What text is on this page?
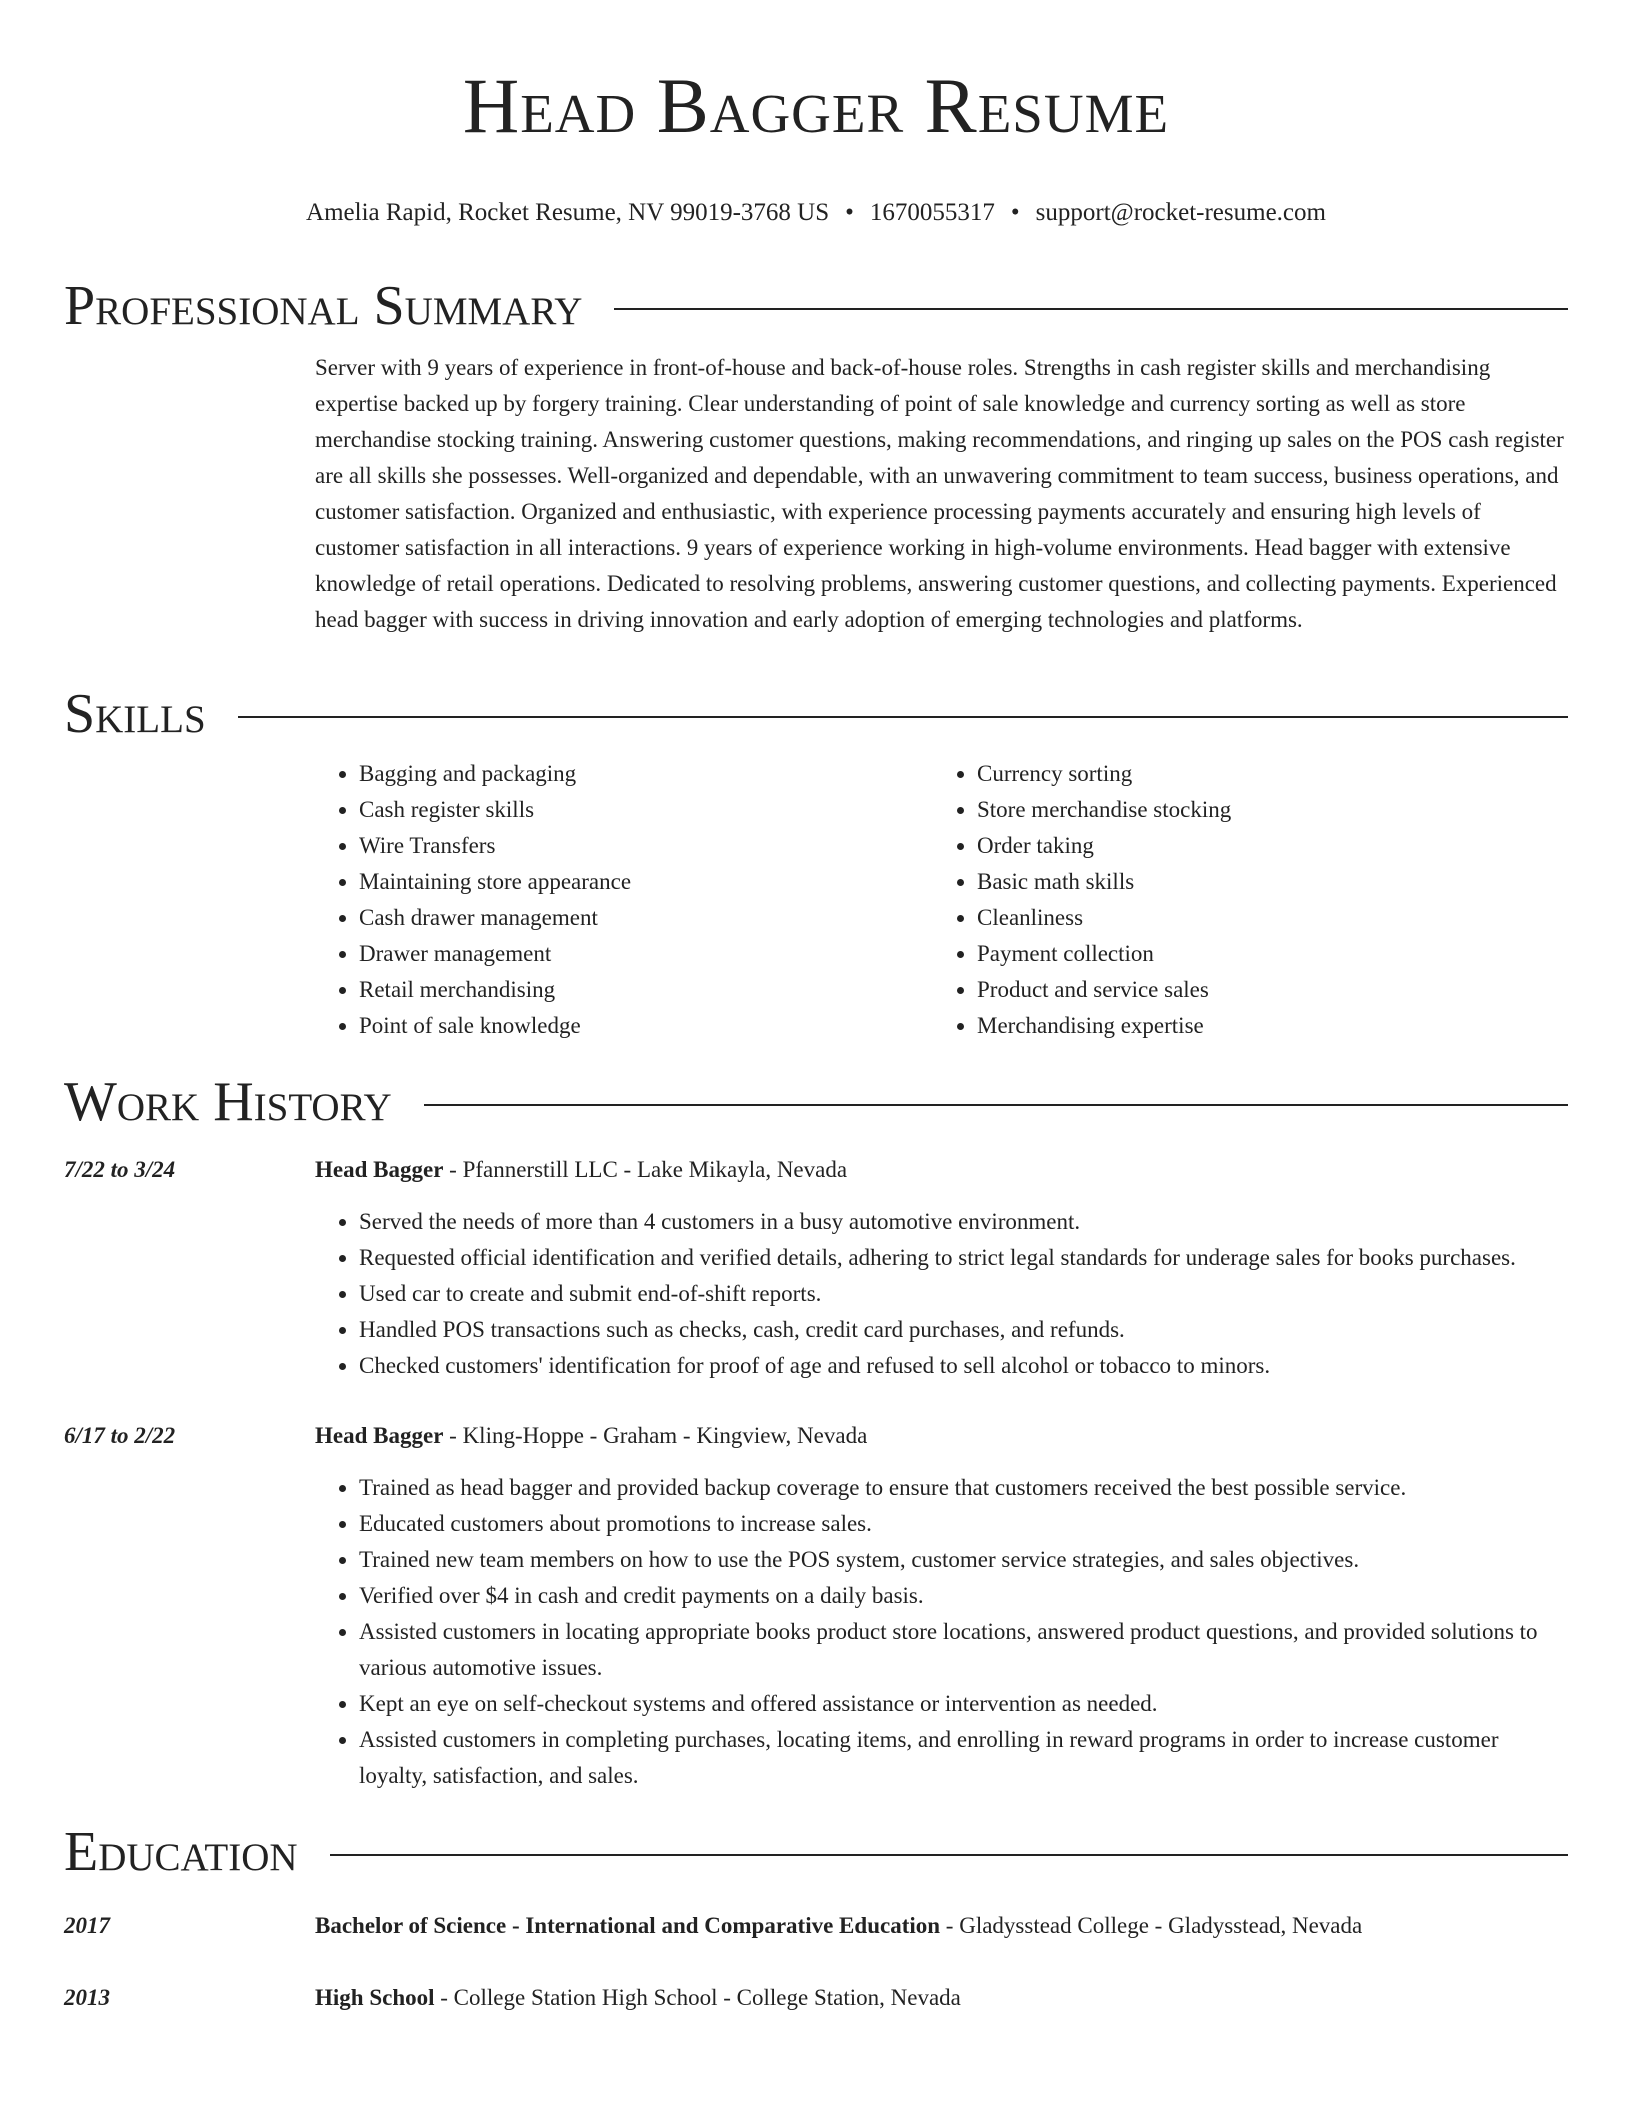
Head Bagger Resume
Amelia Rapid, Rocket Resume, NV 99019-3768 US • 1670055317 • support@rocket-resume.com
Professional Summary
Server with 9 years of experience in front-of-house and back-of-house roles. Strengths in cash register skills and merchandising expertise backed up by forgery training. Clear understanding of point of sale knowledge and currency sorting as well as store merchandise stocking training. Answering customer questions, making recommendations, and ringing up sales on the POS cash register are all skills she possesses. Well-organized and dependable, with an unwavering commitment to team success, business operations, and customer satisfaction. Organized and enthusiastic, with experience processing payments accurately and ensuring high levels of customer satisfaction in all interactions. 9 years of experience working in high-volume environments. Head bagger with extensive knowledge of retail operations. Dedicated to resolving problems, answering customer questions, and collecting payments. Experienced head bagger with success in driving innovation and early adoption of emerging technologies and platforms.
Skills
• Bagging and packaging
• Cash register skills
• Wire Transfers
• Maintaining store appearance
• Cash drawer management
• Drawer management
• Retail merchandising
• Point of sale knowledge
• Currency sorting
• Store merchandise stocking
• Order taking
• Basic math skills
• Cleanliness
• Payment collection
• Product and service sales
• Merchandising expertise
Work History
7/22 to 3/24	Head Bagger - Pfannerstill LLC - Lake Mikayla, Nevada
• Served the needs of more than 4 customers in a busy automotive environment.
• Requested official identification and verified details, adhering to strict legal standards for underage sales for books purchases.
• Used car to create and submit end-of-shift reports.
• Handled POS transactions such as checks, cash, credit card purchases, and refunds.
• Checked customers' identification for proof of age and refused to sell alcohol or tobacco to minors.
6/17 to 2/22	Head Bagger - Kling-Hoppe - Graham - Kingview, Nevada
• Trained as head bagger and provided backup coverage to ensure that customers received the best possible service.
• Educated customers about promotions to increase sales.
• Trained new team members on how to use the POS system, customer service strategies, and sales objectives.
• Verified over $4 in cash and credit payments on a daily basis.
• Assisted customers in locating appropriate books product store locations, answered product questions, and provided solutions to various automotive issues.
• Kept an eye on self-checkout systems and offered assistance or intervention as needed.
• Assisted customers in completing purchases, locating items, and enrolling in reward programs in order to increase customer loyalty, satisfaction, and sales.
Education
2017	Bachelor of Science - International and Comparative Education - Gladysstead College - Gladysstead, Nevada
2013	High School - College Station High School - College Station, Nevada
